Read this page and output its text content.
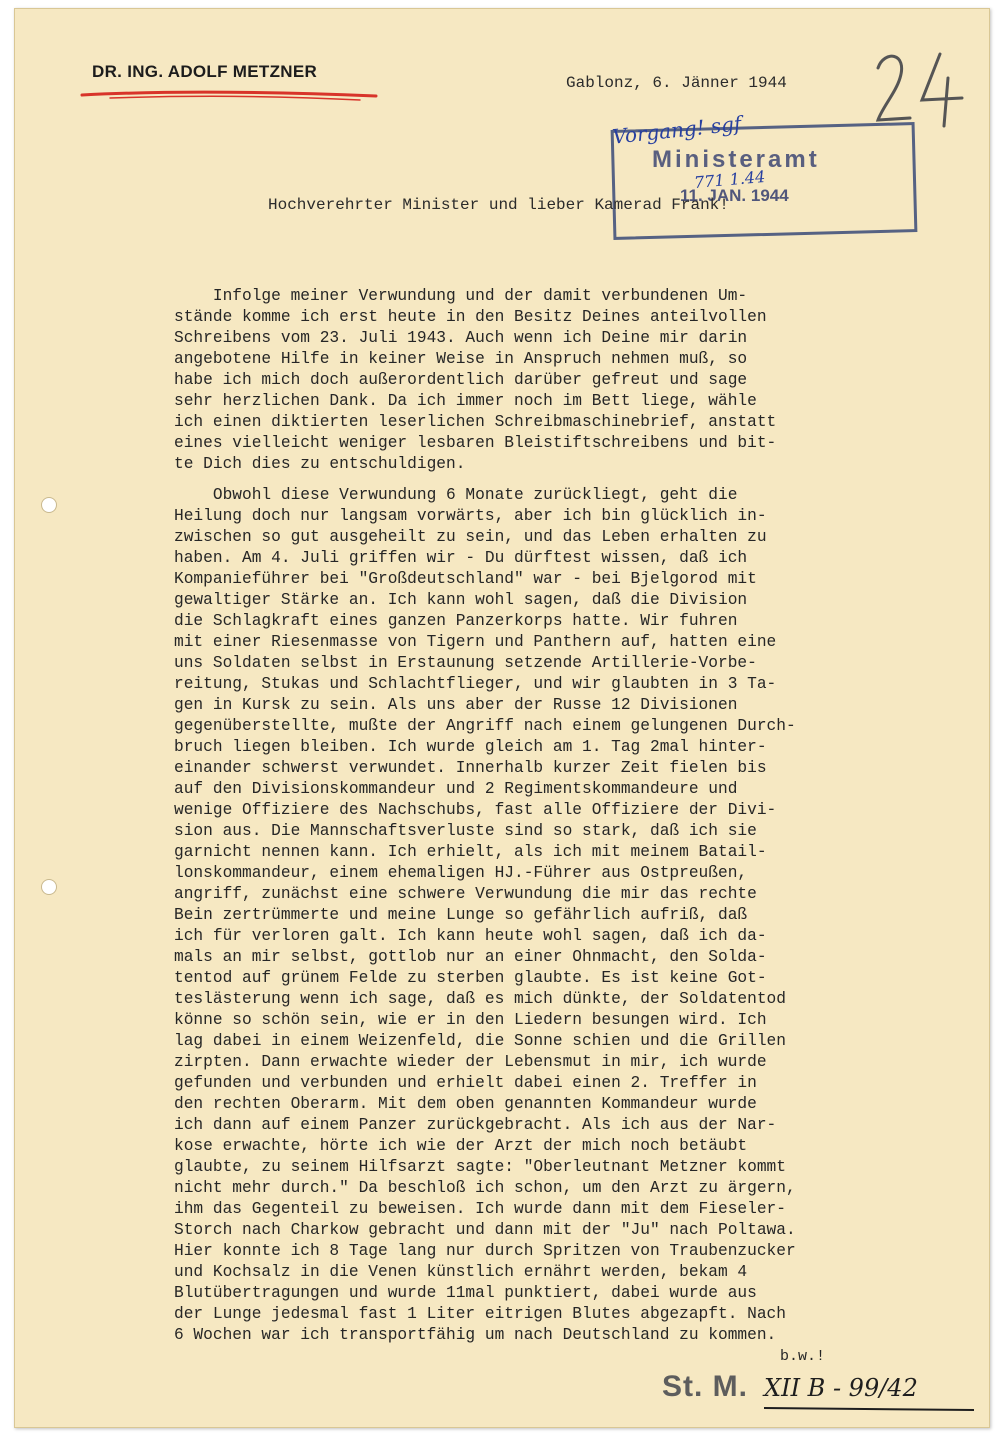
DR. ING. ADOLF METZNER
Gablonz, 6. Jänner 1944
Ministeramt
11. JAN. 1944
Vorgang! sgf
771 1.44
Hochverehrter Minister und lieber Kamerad Frank!
Infolge meiner Verwundung und der damit verbundenen Um-
stände komme ich erst heute in den Besitz Deines anteilvollen
Schreibens vom 23. Juli 1943. Auch wenn ich Deine mir darin
angebotene Hilfe in keiner Weise in Anspruch nehmen muß, so
habe ich mich doch außerordentlich darüber gefreut und sage
sehr herzlichen Dank. Da ich immer noch im Bett liege, wähle
ich einen diktierten leserlichen Schreibmaschinebrief, anstatt
eines vielleicht weniger lesbaren Bleistiftschreibens und bit-
te Dich dies zu entschuldigen.
Obwohl diese Verwundung 6 Monate zurückliegt, geht die
Heilung doch nur langsam vorwärts, aber ich bin glücklich in-
zwischen so gut ausgeheilt zu sein, und das Leben erhalten zu
haben. Am 4. Juli griffen wir - Du dürftest wissen, daß ich
Kompanieführer bei "Großdeutschland" war - bei Bjelgorod mit
gewaltiger Stärke an. Ich kann wohl sagen, daß die Division
die Schlagkraft eines ganzen Panzerkorps hatte. Wir fuhren
mit einer Riesenmasse von Tigern und Panthern auf, hatten eine
uns Soldaten selbst in Erstaunung setzende Artillerie-Vorbe-
reitung, Stukas und Schlachtflieger, und wir glaubten in 3 Ta-
gen in Kursk zu sein. Als uns aber der Russe 12 Divisionen
gegenüberstellte, mußte der Angriff nach einem gelungenen Durch-
bruch liegen bleiben. Ich wurde gleich am 1. Tag 2mal hinter-
einander schwerst verwundet. Innerhalb kurzer Zeit fielen bis
auf den Divisionskommandeur und 2 Regimentskommandeure und
wenige Offiziere des Nachschubs, fast alle Offiziere der Divi-
sion aus. Die Mannschaftsverluste sind so stark, daß ich sie
garnicht nennen kann. Ich erhielt, als ich mit meinem Batail-
lonskommandeur, einem ehemaligen HJ.-Führer aus Ostpreußen,
angriff, zunächst eine schwere Verwundung die mir das rechte
Bein zertrümmerte und meine Lunge so gefährlich aufriß, daß
ich für verloren galt. Ich kann heute wohl sagen, daß ich da-
mals an mir selbst, gottlob nur an einer Ohnmacht, den Solda-
tentod auf grünem Felde zu sterben glaubte. Es ist keine Got-
teslästerung wenn ich sage, daß es mich dünkte, der Soldatentod
könne so schön sein, wie er in den Liedern besungen wird. Ich
lag dabei in einem Weizenfeld, die Sonne schien und die Grillen
zirpten. Dann erwachte wieder der Lebensmut in mir, ich wurde
gefunden und verbunden und erhielt dabei einen 2. Treffer in
den rechten Oberarm. Mit dem oben genannten Kommandeur wurde
ich dann auf einem Panzer zurückgebracht. Als ich aus der Nar-
kose erwachte, hörte ich wie der Arzt der mich noch betäubt
glaubte, zu seinem Hilfsarzt sagte: "Oberleutnant Metzner kommt
nicht mehr durch." Da beschloß ich schon, um den Arzt zu ärgern,
ihm das Gegenteil zu beweisen. Ich wurde dann mit dem Fieseler-
Storch nach Charkow gebracht und dann mit der "Ju" nach Poltawa.
Hier konnte ich 8 Tage lang nur durch Spritzen von Traubenzucker
und Kochsalz in die Venen künstlich ernährt werden, bekam 4
Blutübertragungen und wurde 11mal punktiert, dabei wurde aus
der Lunge jedesmal fast 1 Liter eitrigen Blutes abgezapft. Nach
6 Wochen war ich transportfähig um nach Deutschland zu kommen.
b.w.!
St. M. XII B - 99/42
